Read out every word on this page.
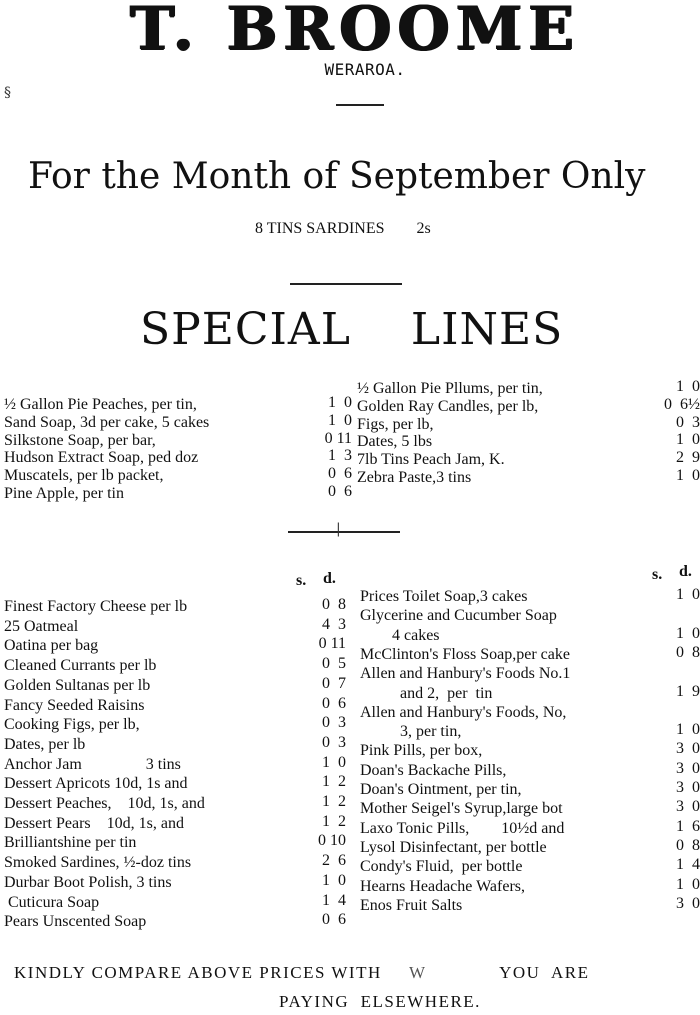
T. BROOME
WERAROA.
For the Month of September Only
8 TINS SARDINES 2s
SPECIAL    LINES
½ Gallon Pie Peaches, per tin,	1  0
Sand Soap, 3d per cake, 5 cakes	1  0
Silkstone Soap, per bar,	0 11
Hudson Extract Soap, ped doz	1  3
Muscatels, per lb packet,	0  6
Pine Apple, per tin	0  6
½ Gallon Pie Pllums, per tin,	1  0
Golden Ray Candles, per lb,	0  6½
Figs, per lb,	0  3
Dates, 5 lbs	1  0
7lb Tins Peach Jam, K.	2  9
Zebra Paste,3 tins	1  0
|
s. d.	s. d.
Finest Factory Cheese per lb	0  8
25 Oatmeal	4  3
Oatina per bag	0 11
Cleaned Currants per lb	0  5
Golden Sultanas per lb	0  7
Fancy Seeded Raisins	0  6
Cooking Figs, per lb,	0  3
Dates, per lb	0  3
Anchor Jam                3 tins	1  0
Dessert Apricots 10d, 1s and	1  2
Dessert Peaches,    10d, 1s, and	1  2
Dessert Pears    10d, 1s, and	1  2
Brilliantshine per tin	0 10
Smoked Sardines, ½-doz tins	2  6
Durbar Boot Polish, 3 tins	1  0
Cuticura Soap	1  4
Pears Unscented Soap	0  6
Prices Toilet Soap,3 cakes	1  0
Glycerine and Cucumber Soap
4 cakes	1  0
McClinton's Floss Soap,per cake	0  8
Allen and Hanbury's Foods No.1
and 2,  per  tin	1  9
Allen and Hanbury's Foods, No,
3, per tin,	1  0
Pink Pills, per box,	3  0
Doan's Backache Pills,	3  0
Doan's Ointment, per tin,	3  0
Mother Seigel's Syrup,large bot	3  0
Laxo Tonic Pills,        10½d and	1  6
Lysol Disinfectant, per bottle	0  8
Condy's Fluid,  per bottle	1  4
Hearns Headache Wafers,	1  0
Enos Fruit Salts	3  0
§
KINDLY COMPARE ABOVE PRICES WITH W	YOU  ARE
PAYING  ELSEWHERE.
